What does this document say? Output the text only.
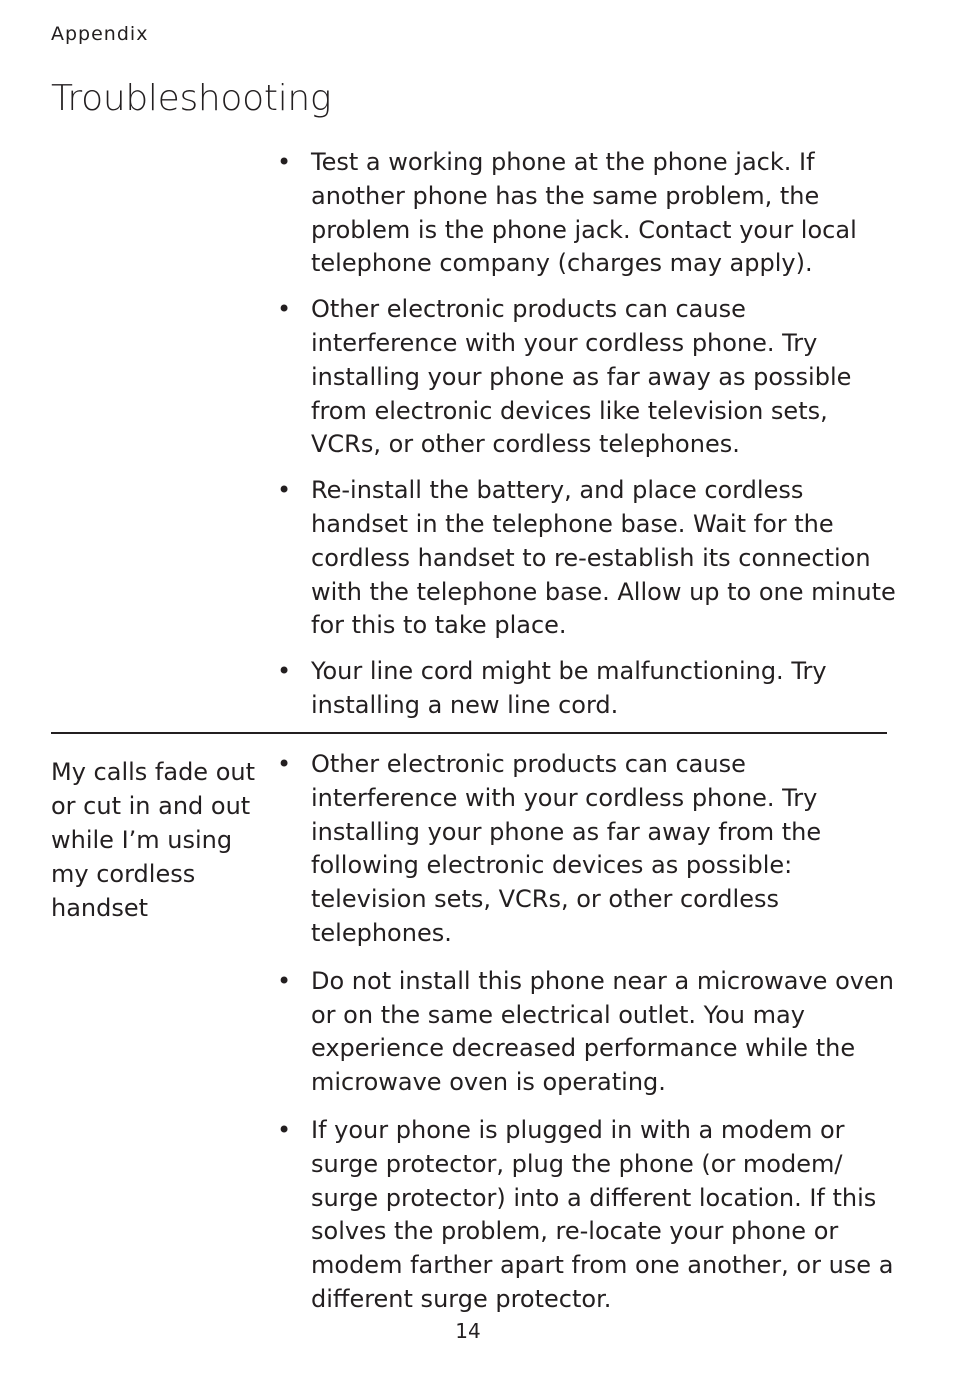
Appendix
Troubleshooting
• Test a working phone at the phone jack. If another phone has the same problem, the problem is the phone jack. Contact your local telephone company (charges may apply).
• Other electronic products can cause interference with your cordless phone. Try installing your phone as far away as possible from electronic devices like television sets, VCRs, or other cordless telephones.
• Re-install the battery, and place cordless handset in the telephone base. Wait for the cordless handset to re-establish its connection with the telephone base. Allow up to one minute for this to take place.
• Your line cord might be malfunctioning. Try installing a new line cord.
My calls fade out or cut in and out while I’m using my cordless handset
• Other electronic products can cause interference with your cordless phone. Try installing your phone as far away from the following electronic devices as possible: television sets, VCRs, or other cordless telephones.
• Do not install this phone near a microwave oven or on the same electrical outlet. You may experience decreased performance while the microwave oven is operating.
• If your phone is plugged in with a modem or surge protector, plug the phone (or modem/ surge protector) into a different location. If this solves the problem, re-locate your phone or modem farther apart from one another, or use a different surge protector.
14
